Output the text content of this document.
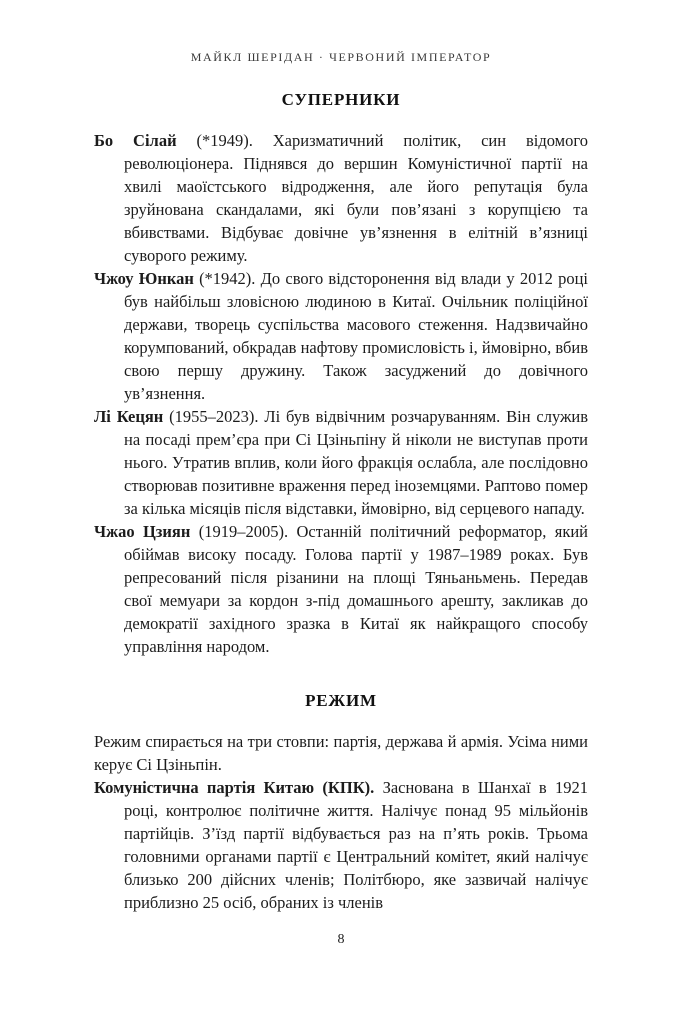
МАЙКЛ ШЕРІДАН · ЧЕРВОНИЙ ІМПЕРАТОР
СУПЕРНИКИ

Бо Сілай (*1949). Харизматичний політик, син відомого революціонера. Піднявся до вершин Комуністичної партії на хвилі маоїстського відродження, але його репутація була зруйнована скандалами, які були пов’язані з корупцією та вбивствами. Відбуває довічне ув’язнення в елітній в’язниці суворого режиму.

Чжоу Юнкан (*1942). До свого відсторонення від влади у 2012 році був найбільш зловісною людиною в Китаї. Очільник поліційної держави, творець суспільства масового стеження. Надзвичайно корумпований, обкрадав нафтову промисловість і, ймовірно, вбив свою першу дружину. Також засуджений до довічного ув’язнення.

Лі Кецян (1955–2023). Лі був відвічним розчаруванням. Він служив на посаді прем’єра при Сі Цзіньпіну й ніколи не виступав проти нього. Утратив вплив, коли його фракція ослабла, але послідовно створював позитивне враження перед іноземцями. Раптово помер за кілька місяців після відставки, ймовірно, від серцевого нападу.

Чжао Цзиян (1919–2005). Останній політичний реформатор, який обіймав високу посаду. Голова партії у 1987–1989 роках. Був репресований після різанини на площі Тяньаньмень. Передав свої мемуари за кордон з-під домашнього арешту, закликав до демократії західного зразка в Китаї як найкращого способу управління народом.

РЕЖИМ

Режим спирається на три стовпи: партія, держава й армія. Усіма ними керує Сі Цзіньпін.

Комуністична партія Китаю (КПК). Заснована в Шанхаї в 1921 році, контролює політичне життя. Налічує понад 95 мільйонів партійців. З’їзд партії відбувається раз на п’ять років. Трьома головними органами партії є Центральний комітет, який налічує близько 200 дійсних членів; Політбюро, яке зазвичай налічує приблизно 25 осіб, обраних із членів

8
